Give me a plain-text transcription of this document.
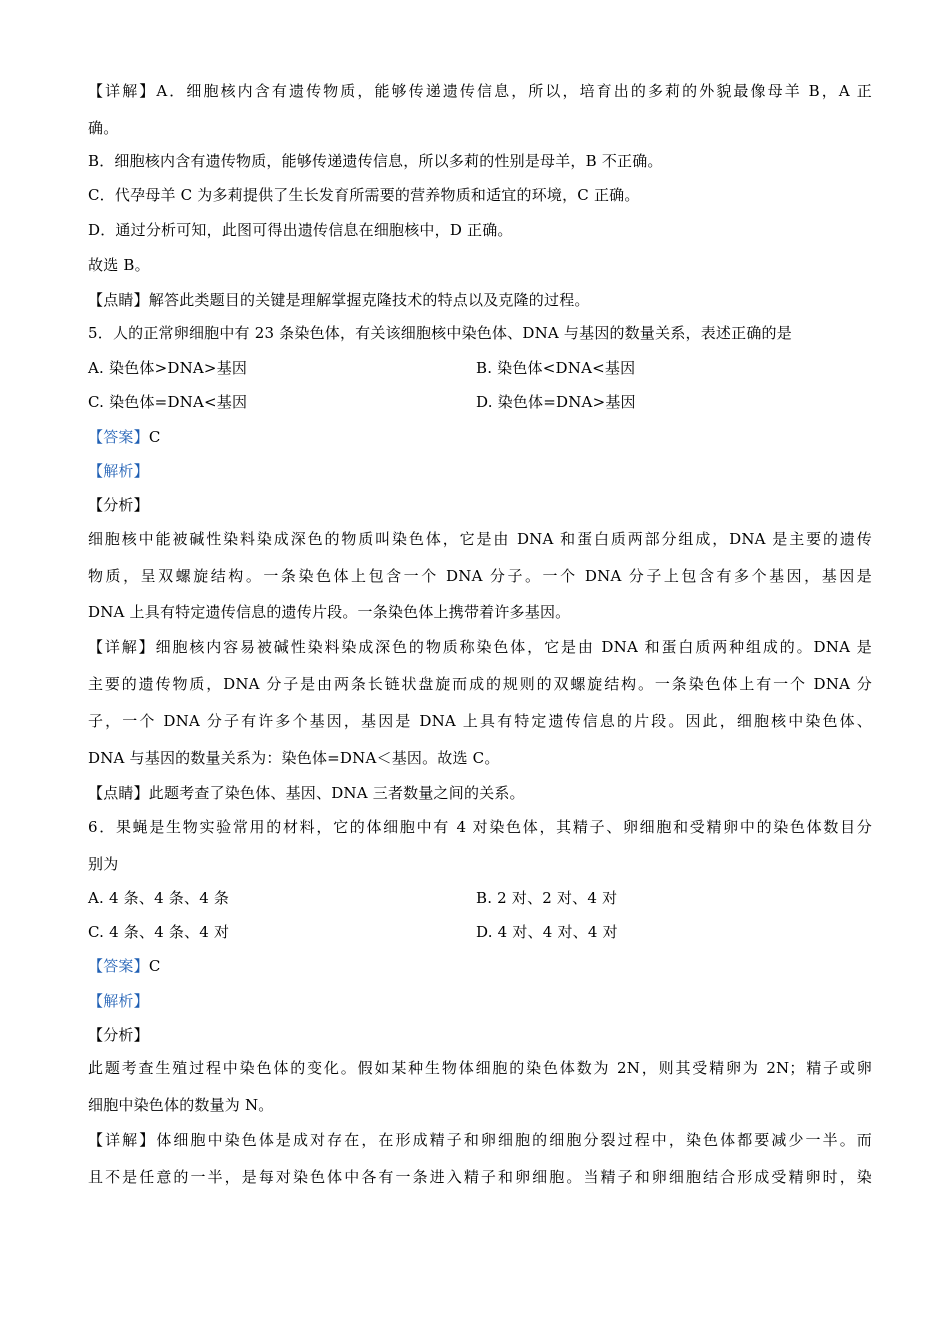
【详解】A．细胞核内含有遗传物质，能够传递遗传信息，所以，培育出的多莉的外貌最像母羊 B，A 正
确。
B．细胞核内含有遗传物质，能够传递遗传信息，所以多莉的性别是母羊，B 不正确。
C．代孕母羊 C 为多莉提供了生长发育所需要的营养物质和适宜的环境，C 正确。
D．通过分析可知，此图可得出遗传信息在细胞核中，D 正确。
故选 B。
【点睛】解答此类题目的关键是理解掌握克隆技术的特点以及克隆的过程。
5．人的正常卵细胞中有 23 条染色体，有关该细胞核中染色体、DNA 与基因的数量关系，表述正确的是
A. 染色体>DNA>基因	B. 染色体<DNA<基因
C. 染色体=DNA<基因	D. 染色体=DNA>基因
【答案】C
【解析】
【分析】
细胞核中能被碱性染料染成深色的物质叫染色体，它是由 DNA 和蛋白质两部分组成，DNA 是主要的遗传
物质，呈双螺旋结构。一条染色体上包含一个 DNA 分子。一个 DNA 分子上包含有多个基因，基因是
DNA 上具有特定遗传信息的遗传片段。一条染色体上携带着许多基因。
【详解】细胞核内容易被碱性染料染成深色的物质称染色体，它是由 DNA 和蛋白质两种组成的。DNA 是
主要的遗传物质，DNA 分子是由两条长链状盘旋而成的规则的双螺旋结构。一条染色体上有一个 DNA 分
子，一个 DNA 分子有许多个基因，基因是 DNA 上具有特定遗传信息的片段。因此，细胞核中染色体、
DNA 与基因的数量关系为：染色体=DNA＜基因。故选 C。
【点睛】此题考查了染色体、基因、DNA 三者数量之间的关系。
6．果蝇是生物实验常用的材料，它的体细胞中有 4 对染色体，其精子、卵细胞和受精卵中的染色体数目分
别为
A. 4 条、4 条、4 条	B. 2 对、2 对、4 对
C. 4 条、4 条、4 对	D. 4 对、4 对、4 对
【答案】C
【解析】
【分析】
此题考查生殖过程中染色体的变化。假如某种生物体细胞的染色体数为 2N，则其受精卵为 2N；精子或卵
细胞中染色体的数量为 N。
【详解】体细胞中染色体是成对存在，在形成精子和卵细胞的细胞分裂过程中，染色体都要减少一半。而
且不是任意的一半，是每对染色体中各有一条进入精子和卵细胞。当精子和卵细胞结合形成受精卵时，染
